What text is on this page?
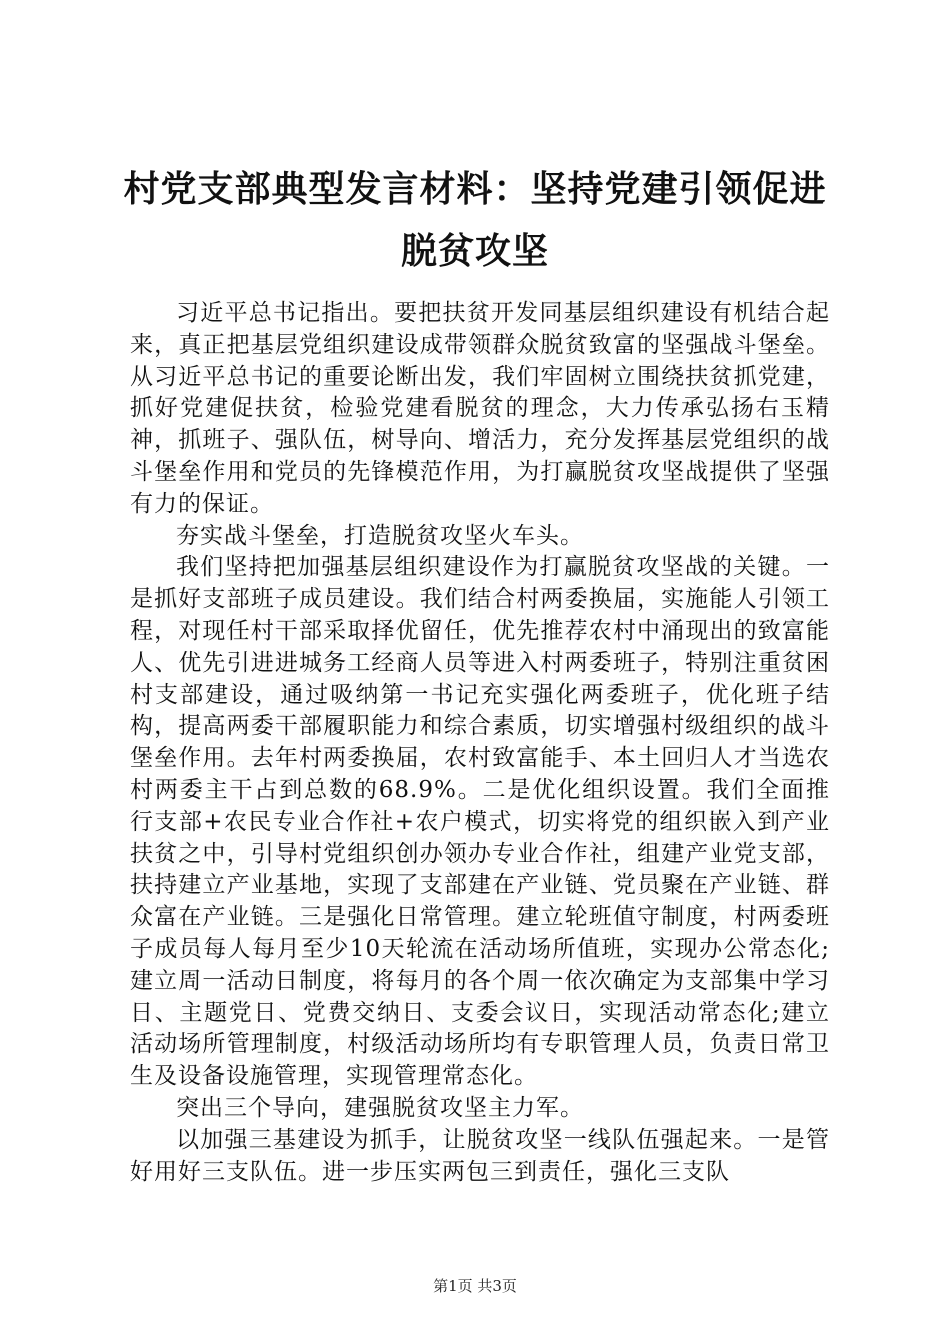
村党支部典型发言材料：坚持党建引领促进脱贫攻坚

习近平总书记指出。要把扶贫开发同基层组织建设有机结合起来，真正把基层党组织建设成带领群众脱贫致富的坚强战斗堡垒。从习近平总书记的重要论断出发，我们牢固树立围绕扶贫抓党建，抓好党建促扶贫，检验党建看脱贫的理念，大力传承弘扬右玉精神，抓班子、强队伍，树导向、增活力，充分发挥基层党组织的战斗堡垒作用和党员的先锋模范作用，为打赢脱贫攻坚战提供了坚强有力的保证。

夯实战斗堡垒，打造脱贫攻坚火车头。

我们坚持把加强基层组织建设作为打赢脱贫攻坚战的关键。一是抓好支部班子成员建设。我们结合村两委换届，实施能人引领工程，对现任村干部采取择优留任，优先推荐农村中涌现出的致富能人、优先引进进城务工经商人员等进入村两委班子，特别注重贫困村支部建设，通过吸纳第一书记充实强化两委班子，优化班子结构，提高两委干部履职能力和综合素质，切实增强村级组织的战斗堡垒作用。去年村两委换届，农村致富能手、本土回归人才当选农村两委主干占到总数的68.9%。二是优化组织设置。我们全面推行支部+农民专业合作社+农户模式，切实将党的组织嵌入到产业扶贫之中，引导村党组织创办领办专业合作社，组建产业党支部，扶持建立产业基地，实现了支部建在产业链、党员聚在产业链、群众富在产业链。三是强化日常管理。建立轮班值守制度，村两委班子成员每人每月至少10天轮流在活动场所值班，实现办公常态化;建立周一活动日制度，将每月的各个周一依次确定为支部集中学习日、主题党日、党费交纳日、支委会议日，实现活动常态化;建立活动场所管理制度，村级活动场所均有专职管理人员，负责日常卫生及设备设施管理，实现管理常态化。

突出三个导向，建强脱贫攻坚主力军。

以加强三基建设为抓手，让脱贫攻坚一线队伍强起来。一是管好用好三支队伍。进一步压实两包三到责任，强化三支队

第1页 共3页
